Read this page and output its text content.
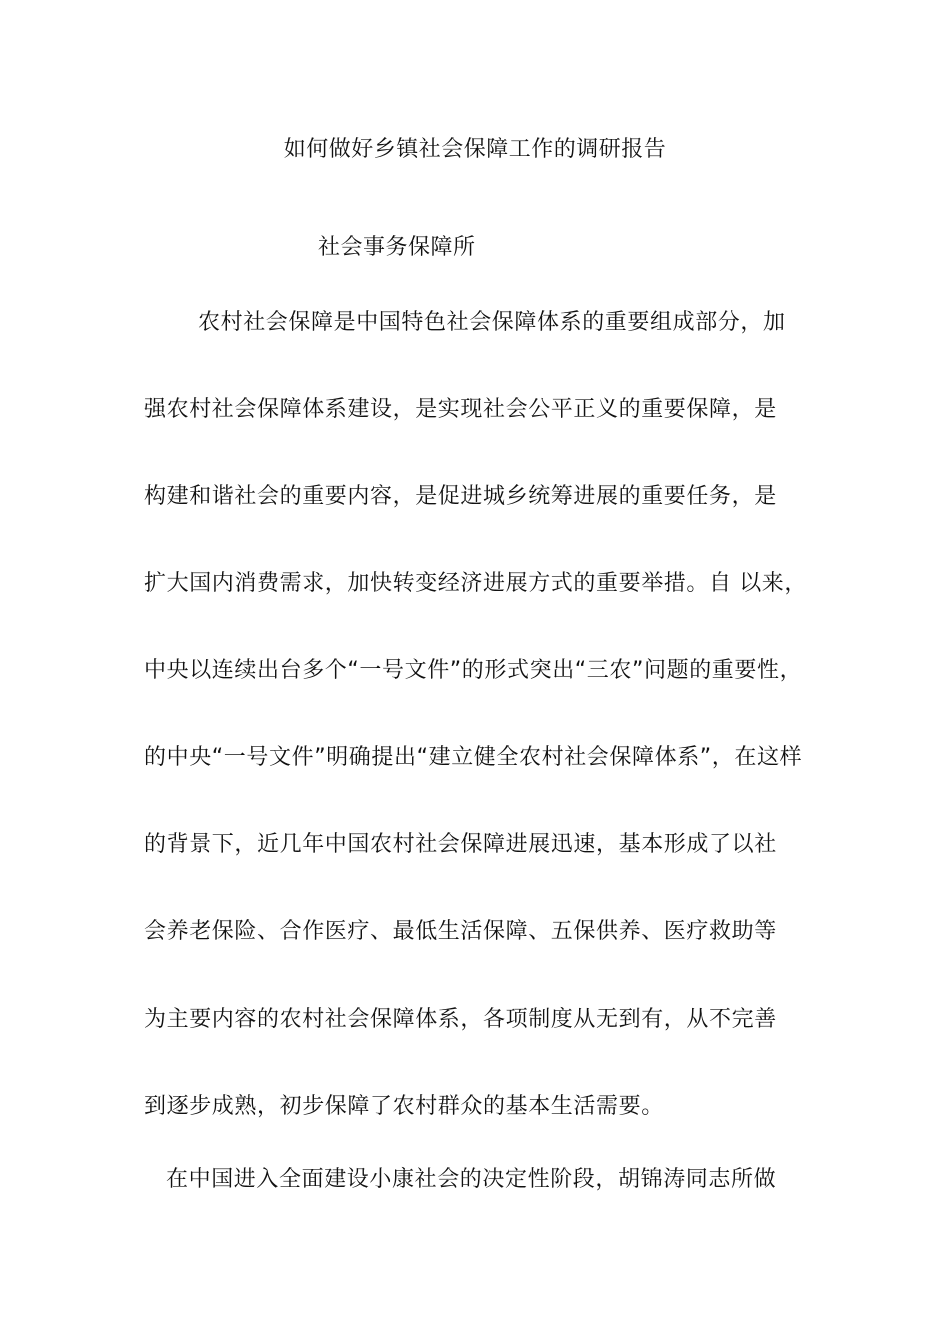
如何做好乡镇社会保障工作的调研报告
社会事务保障所
农村社会保障是中国特色社会保障体系的重要组成部分，加
强农村社会保障体系建设，是实现社会公平正义的重要保障，是
构建和谐社会的重要内容，是促进城乡统筹进展的重要任务，是
扩大国内消费需求，加快转变经济进展方式的重要举措。自 以来，
中央以连续出台多个“一号文件”的形式突出“三农”问题的重要性，
的中央“一号文件”明确提出“建立健全农村社会保障体系”，在这样
的背景下，近几年中国农村社会保障进展迅速，基本形成了以社
会养老保险、合作医疗、最低生活保障、五保供养、医疗救助等
为主要内容的农村社会保障体系，各项制度从无到有，从不完善
到逐步成熟，初步保障了农村群众的基本生活需要。
在中国进入全面建设小康社会的决定性阶段，胡锦涛同志所做
